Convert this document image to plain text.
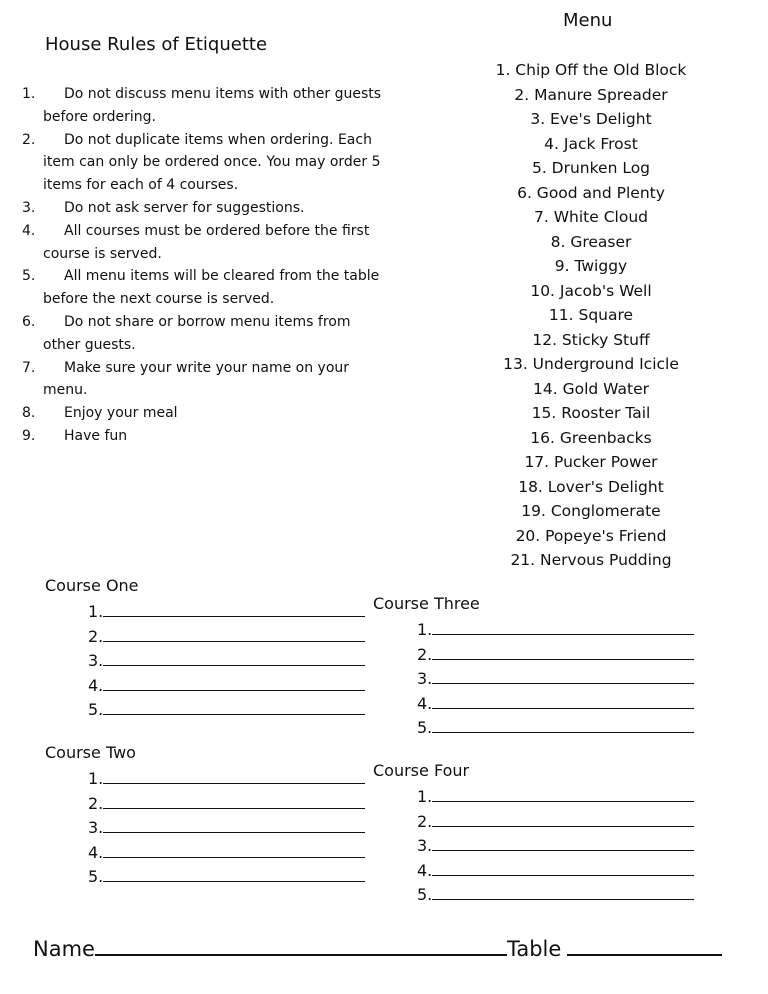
House Rules of Etiquette
Menu
1.	Do not discuss menu items with other guests before ordering.
2.	Do not duplicate items when ordering. Each item can only be ordered once. You may order 5 items for each of 4 courses.
3.	Do not ask server for suggestions.
4.	All courses must be ordered before the first course is served.
5.	All menu items will be cleared from the table before the next course is served.
6.	Do not share or borrow menu items from other guests.
7.	Make sure your write your name on your menu.
8.	Enjoy your meal
9.	Have fun
1. Chip Off the Old Block
2. Manure Spreader
3. Eve's Delight
4. Jack Frost
5. Drunken Log
6. Good and Plenty
7. White Cloud
8. Greaser
9. Twiggy
10. Jacob's Well
11. Square
12. Sticky Stuff
13. Underground Icicle
14. Gold Water
15. Rooster Tail
16. Greenbacks
17. Pucker Power
18. Lover's Delight
19. Conglomerate
20. Popeye's Friend
21. Nervous Pudding
Course One
1.
2.
3.
4.
5.
Course Three
1.
2.
3.
4.
5.
Course Two
1.
2.
3.
4.
5.
Course Four
1.
2.
3.
4.
5.
Name	Table
